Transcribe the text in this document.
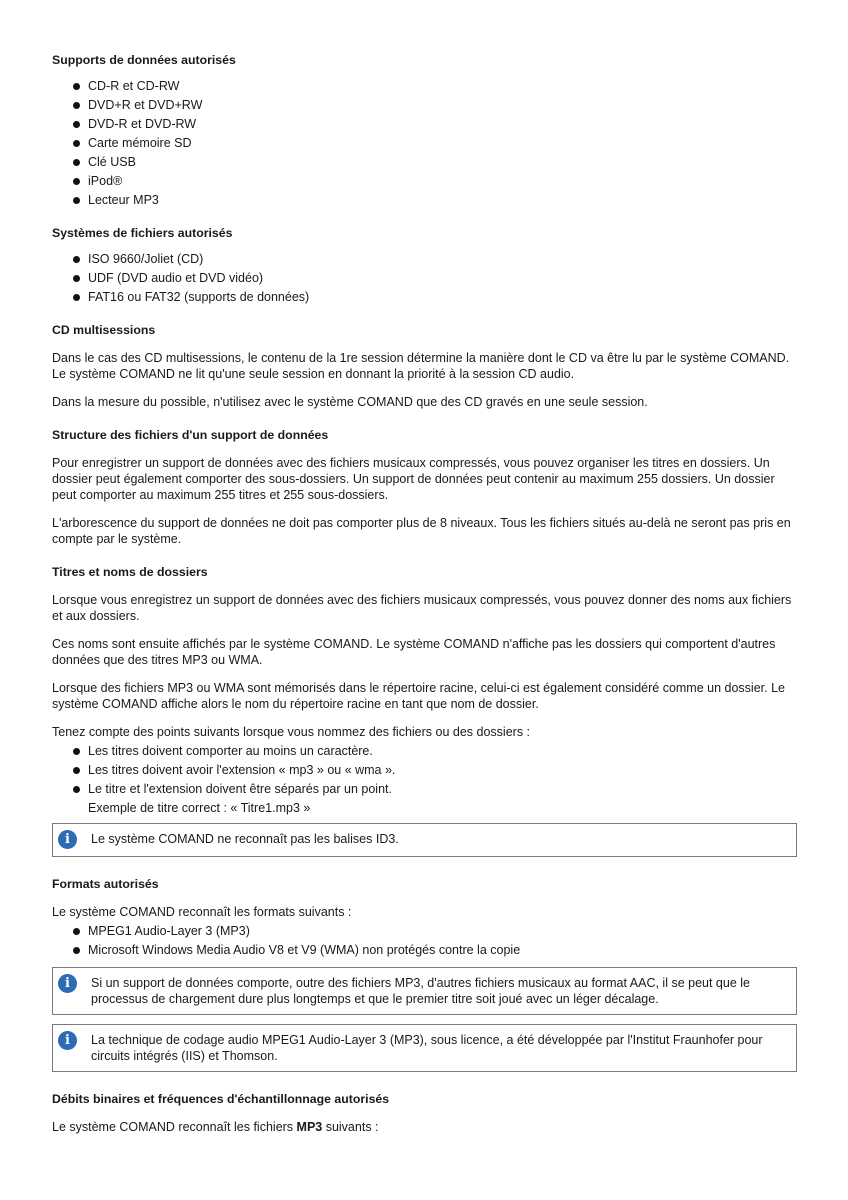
Supports de données autorisés
CD-R et CD-RW
DVD+R et DVD+RW
DVD-R et DVD-RW
Carte mémoire SD
Clé USB
iPod®
Lecteur MP3
Systèmes de fichiers autorisés
ISO 9660/Joliet (CD)
UDF (DVD audio et DVD vidéo)
FAT16 ou FAT32 (supports de données)
CD multisessions

Dans le cas des CD multisessions, le contenu de la 1re session détermine la manière dont le CD va être lu par le système COMAND. Le système COMAND ne lit qu'une seule session en donnant la priorité à la session CD audio.

Dans la mesure du possible, n'utilisez avec le système COMAND que des CD gravés en une seule session.

Structure des fichiers d'un support de données

Pour enregistrer un support de données avec des fichiers musicaux compressés, vous pouvez organiser les titres en dossiers. Un dossier peut également comporter des sous-dossiers. Un support de données peut contenir au maximum 255 dossiers. Un dossier peut comporter au maximum 255 titres et 255 sous-dossiers.

L'arborescence du support de données ne doit pas comporter plus de 8 niveaux. Tous les fichiers situés au-delà ne seront pas pris en compte par le système.

Titres et noms de dossiers

Lorsque vous enregistrez un support de données avec des fichiers musicaux compressés, vous pouvez donner des noms aux fichiers et aux dossiers.

Ces noms sont ensuite affichés par le système COMAND. Le système COMAND n'affiche pas les dossiers qui comportent d'autres données que des titres MP3 ou WMA.

Lorsque des fichiers MP3 ou WMA sont mémorisés dans le répertoire racine, celui-ci est également considéré comme un dossier. Le système COMAND affiche alors le nom du répertoire racine en tant que nom de dossier.

Tenez compte des points suivants lorsque vous nommez des fichiers ou des dossiers :

Les titres doivent comporter au moins un caractère.
Les titres doivent avoir l'extension « mp3 » ou « wma ».
Le titre et l'extension doivent être séparés par un point.
Exemple de titre correct : « Titre1.mp3 »
i	Le système COMAND ne reconnaît pas les balises ID3.

Formats autorisés

Le système COMAND reconnaît les formats suivants :

MPEG1 Audio-Layer 3 (MP3)
Microsoft Windows Media Audio V8 et V9 (WMA) non protégés contre la copie
i	Si un support de données comporte, outre des fichiers MP3, d'autres fichiers musicaux au format AAC, il se peut que le processus de chargement dure plus longtemps et que le premier titre soit joué avec un léger décalage.

i	La technique de codage audio MPEG1 Audio-Layer 3 (MP3), sous licence, a été développée par l'Institut Fraunhofer pour circuits intégrés (IIS) et Thomson.

Débits binaires et fréquences d'échantillonnage autorisés

Le système COMAND reconnaît les fichiers MP3 suivants :
